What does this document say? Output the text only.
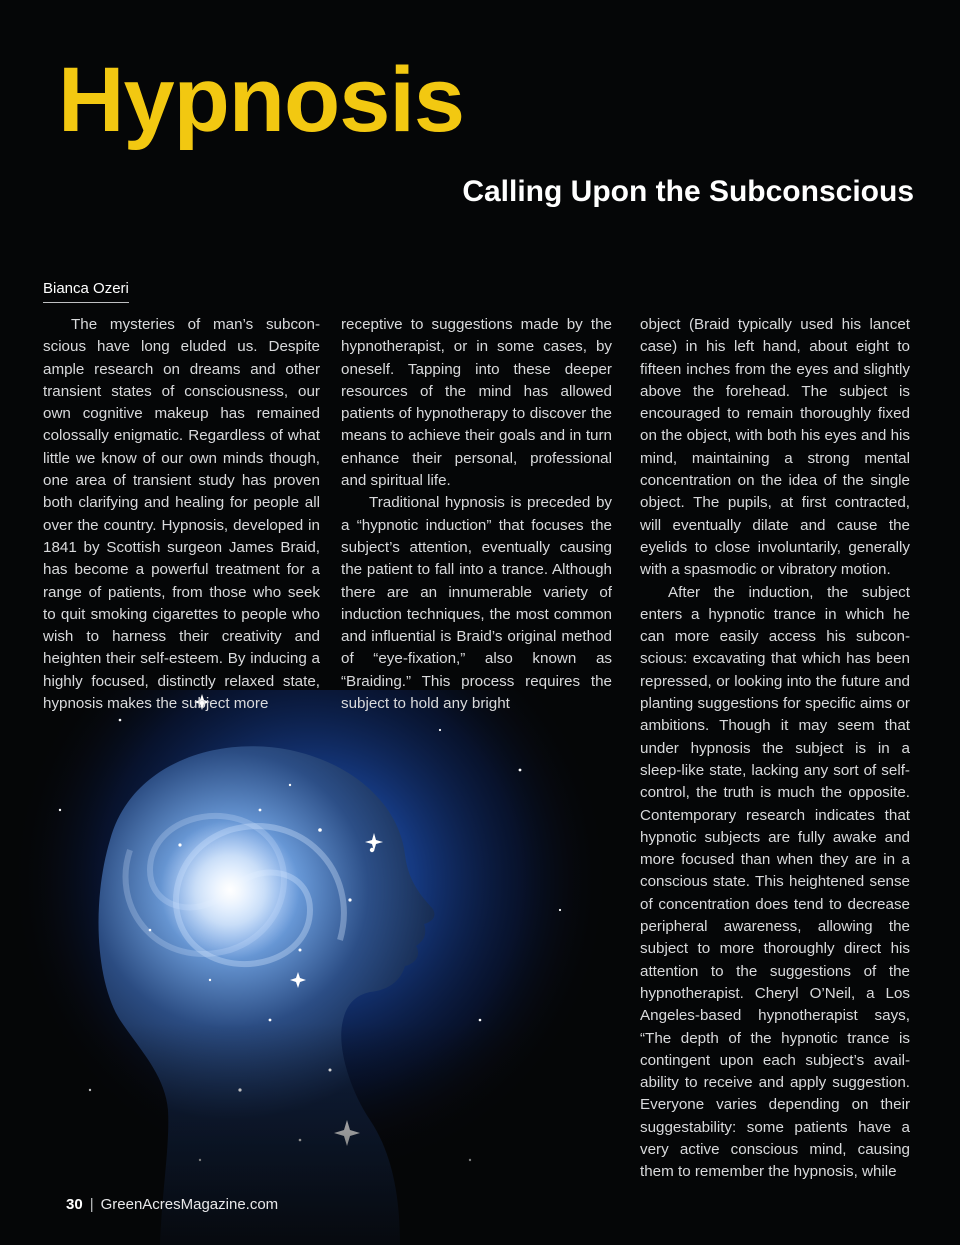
Hypnosis
Calling Upon the Subconscious
Bianca Ozeri

The mysteries of man’s subconscious have long eluded us. Despite ample research on dreams and other transient states of consciousness, our own cognitive makeup has remained colossally enigmatic. Regardless of what little we know of our own minds though, one area of transient study has proven both clarifying and healing for people all over the country. Hypnosis, developed in 1841 by Scottish surgeon James Braid, has become a powerful treatment for a range of patients, from those who seek to quit smoking cigarettes to people who wish to harness their creativity and heighten their self-esteem. By inducing a highly focused, distinctly relaxed state, hypnosis makes the subject more

receptive to suggestions made by the hypnotherapist, or in some cases, by oneself. Tapping into these deeper resources of the mind has allowed patients of hypnotherapy to discover the means to achieve their goals and in turn enhance their personal, professional and spiritual life.

Traditional hypnosis is preceded by a “hypnotic induction” that focuses the subject’s attention, eventually causing the patient to fall into a trance. Although there are an innumerable variety of induction techniques, the most common and influential is Braid’s original method of “eye-fixation,” also known as “Braiding.” This process requires the subject to hold any bright

object (Braid typically used his lancet case) in his left hand, about eight to fifteen inches from the eyes and slightly above the forehead. The subject is encouraged to remain thoroughly fixed on the object, with both his eyes and his mind, maintaining a strong mental concentration on the idea of the single object. The pupils, at first contracted, will eventually dilate and cause the eyelids to close involuntarily, generally with a spasmodic or vibratory motion.

After the induction, the subject enters a hypnotic trance in which he can more easily access his subconscious: excavating that which has been repressed, or looking into the future and planting suggestions for specific aims or ambitions. Though it may seem that under hypnosis the subject is in a sleep-like state, lacking any sort of self-control, the truth is much the opposite. Contemporary research indicates that hypnotic subjects are fully awake and more focused than when they are in a conscious state. This heightened sense of concentration does tend to decrease peripheral awareness, allowing the subject to more thoroughly direct his attention to the suggestions of the hypnotherapist. Cheryl O’Neil, a Los Angeles-based hypnotherapist says, “The depth of the hypnotic trance is contingent upon each subject’s availability to receive and apply suggestion. Everyone varies depending on their suggestability: some patients have a very active conscious mind, causing them to remember the hypnosis, while

30 | GreenAcresMagazine.com
